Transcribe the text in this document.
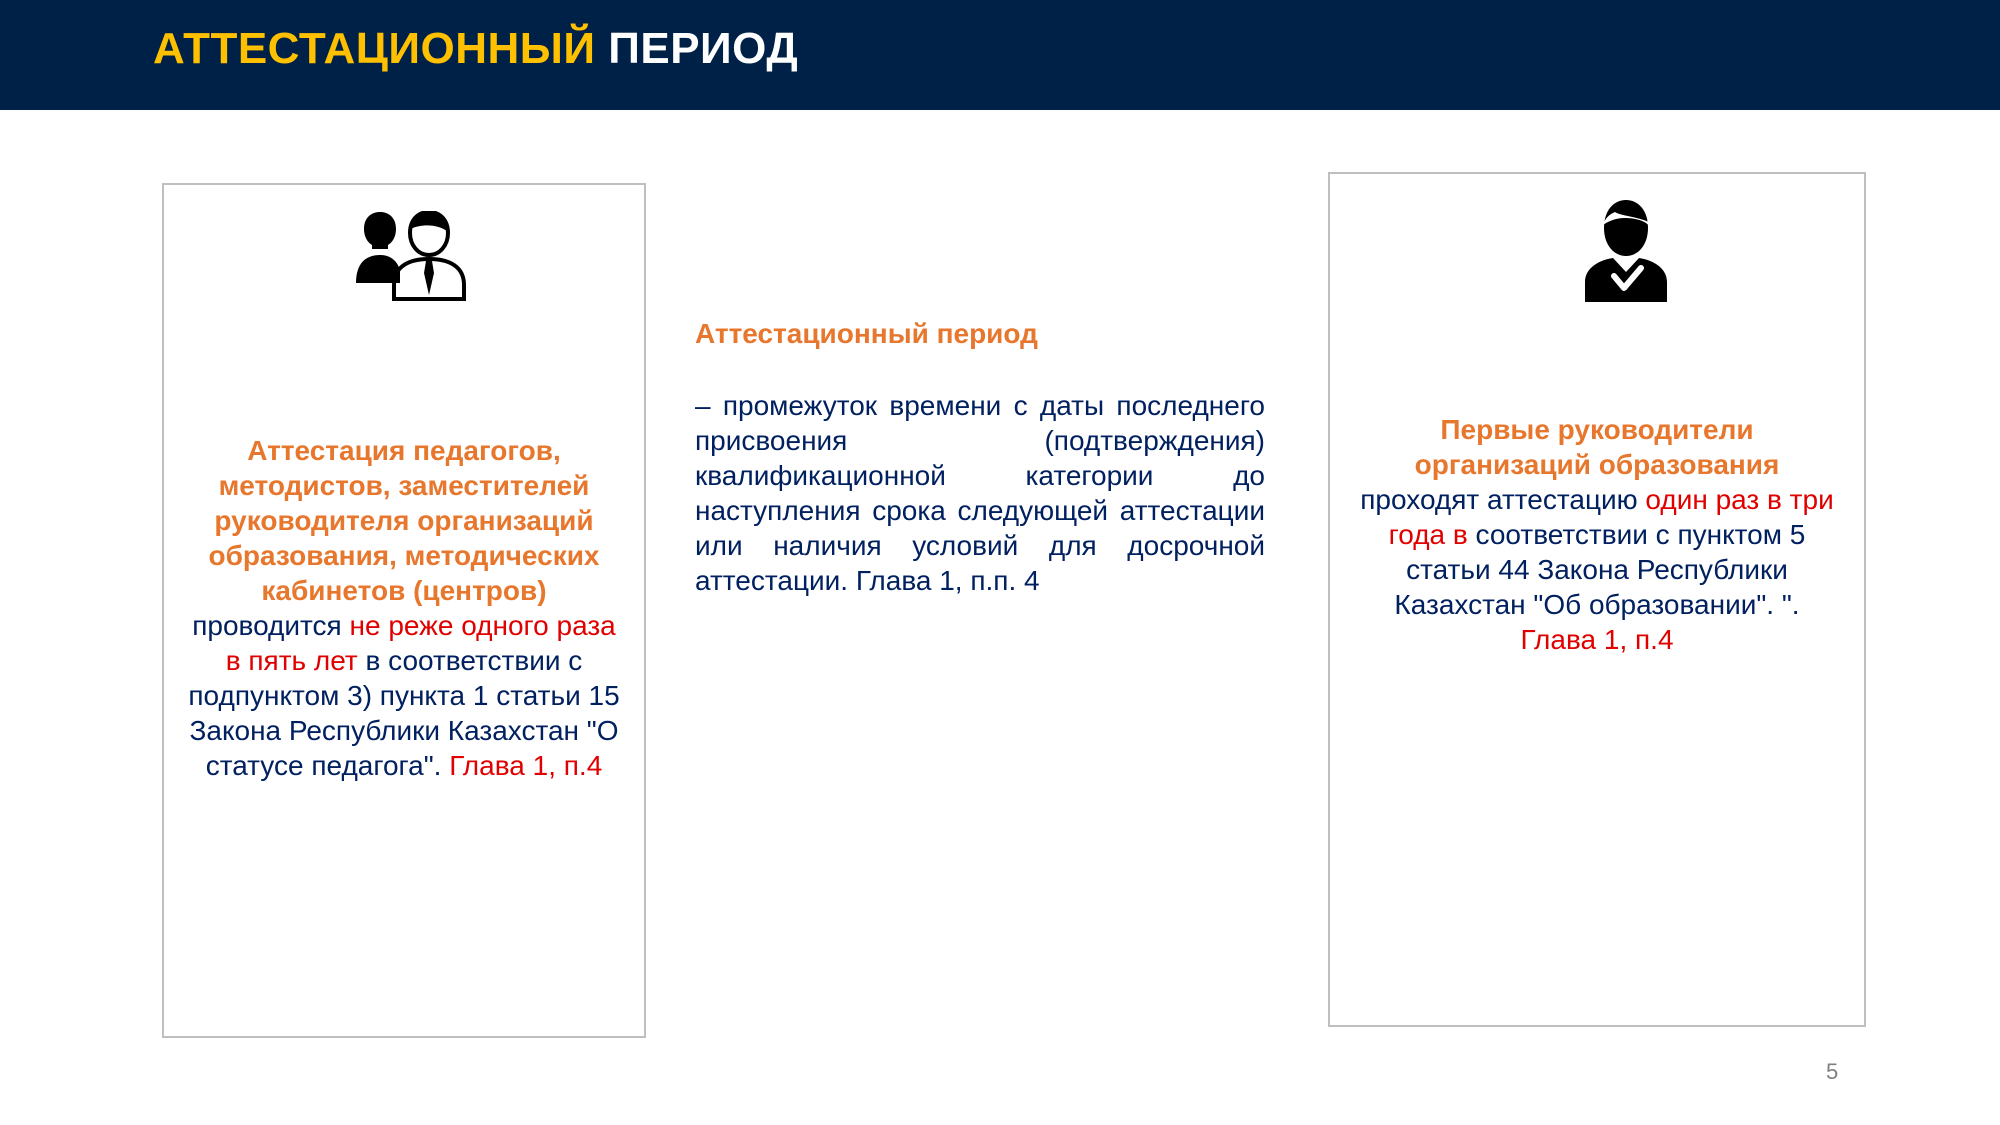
АТТЕСТАЦИОННЫЙ ПЕРИОД
Аттестация педагогов, методистов, заместителей руководителя организаций образования, методических кабинетов (центров)
проводится не реже одного раза в пять лет в соответствии с подпунктом 3) пункта 1 статьи 15 Закона Республики Казахстан "О статусе педагога". Глава 1, п.4
Аттестационный период
– промежуток времени с даты последнего присвоения (подтверждения) квалификационной категории до наступления срока следующей аттестации или наличия условий для досрочной аттестации. Глава 1, п.п. 4
Первые руководители организаций образования проходят аттестацию один раз в три года в соответствии с пунктом 5 статьи 44 Закона Республики Казахстан "Об образовании". ". Глава 1, п.4
5
